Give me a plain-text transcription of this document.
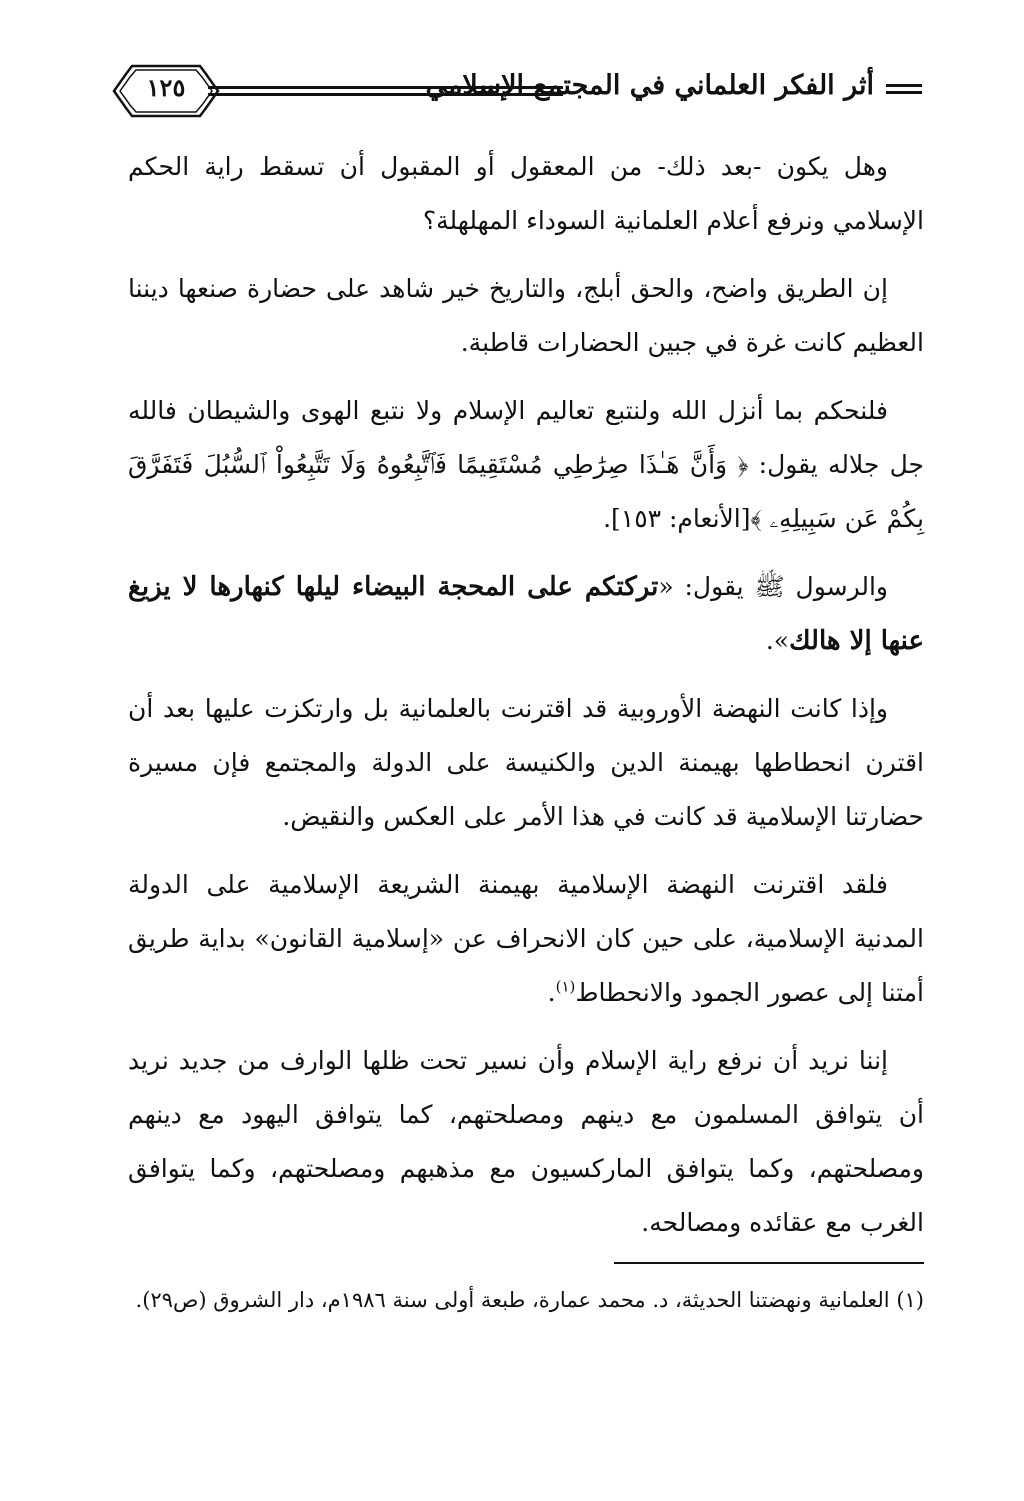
١٢٥	أثر الفكر العلماني في المجتمع الإسلامي

وهل يكون -بعد ذلك- من المعقول أو المقبول أن تسقط راية الحكم الإسلامي ونرفع أعلام العلمانية السوداء المهلهلة؟

إن الطريق واضح، والحق أبلج، والتاريخ خير شاهد على حضارة صنعها ديننا العظيم كانت غرة في جبين الحضارات قاطبة.

فلنحكم بما أنزل الله ولنتبع تعاليم الإسلام ولا نتبع الهوى والشيطان فالله جل جلاله يقول: ﴿ وَأَنَّ هَـٰذَا صِرَٰطِي مُسْتَقِيمًا فَٱتَّبِعُوهُ وَلَا تَتَّبِعُواْ ٱلسُّبُلَ فَتَفَرَّقَ بِكُمْ عَن سَبِيلِهِۦ ﴾[الأنعام: ١٥٣].

والرسول ﷺ يقول: «تركتكم على المحجة البيضاء ليلها كنهارها لا يزيغ عنها إلا هالك».

وإذا كانت النهضة الأوروبية قد اقترنت بالعلمانية بل وارتكزت عليها بعد أن اقترن انحطاطها بهيمنة الدين والكنيسة على الدولة والمجتمع فإن مسيرة حضارتنا الإسلامية قد كانت في هذا الأمر على العكس والنقيض.

فلقد اقترنت النهضة الإسلامية بهيمنة الشريعة الإسلامية على الدولة المدنية الإسلامية، على حين كان الانحراف عن «إسلامية القانون» بداية طريق أمتنا إلى عصور الجمود والانحطاط$^{(١)}$.

إننا نريد أن نرفع راية الإسلام وأن نسير تحت ظلها الوارف من جديد نريد أن يتوافق المسلمون مع دينهم ومصلحتهم، كما يتوافق اليهود مع دينهم ومصلحتهم، وكما يتوافق الماركسيون مع مذهبهم ومصلحتهم، وكما يتوافق الغرب مع عقائده ومصالحه.

(١) العلمانية ونهضتنا الحديثة، د. محمد عمارة، طبعة أولى سنة ١٩٨٦م، دار الشروق (ص٢٩).
